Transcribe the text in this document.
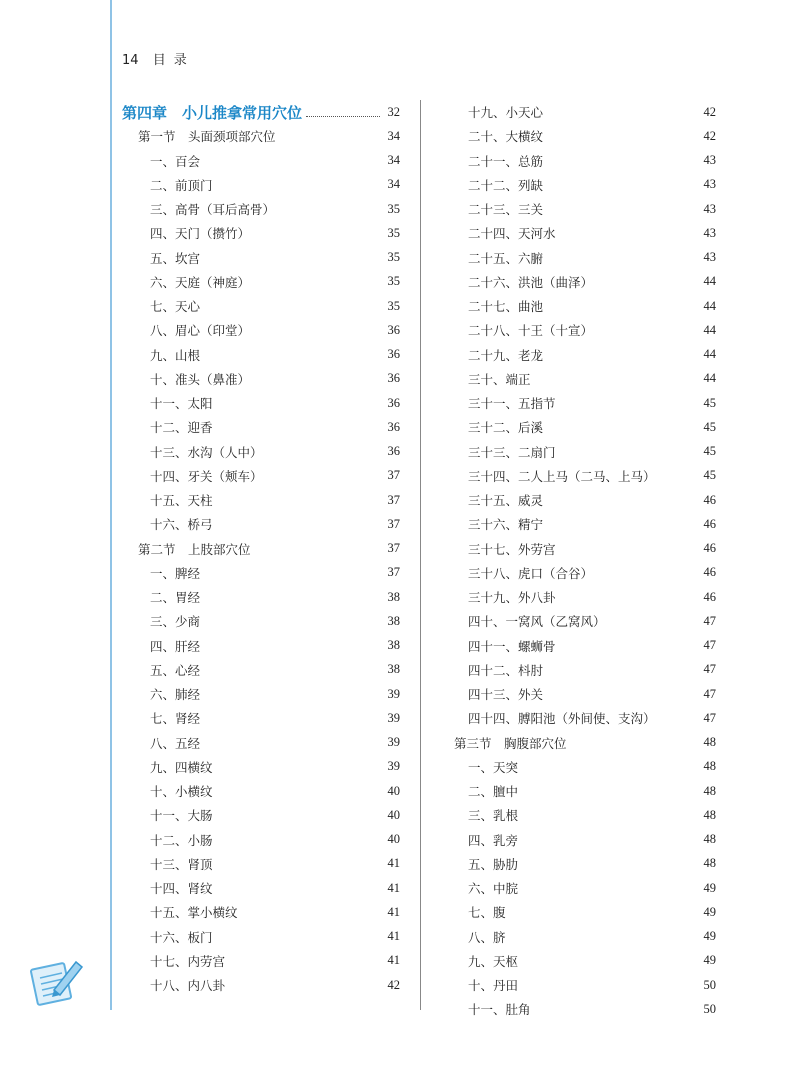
14 目录
第四章　小儿推拿常用穴位	32
第一节　头面颈项部穴位	34
一、百会	34
二、前顶门	34
三、高骨（耳后高骨）	35
四、天门（攒竹）	35
五、坎宫	35
六、天庭（神庭）	35
七、天心	35
八、眉心（印堂）	36
九、山根	36
十、准头（鼻准）	36
十一、太阳	36
十二、迎香	36
十三、水沟（人中）	36
十四、牙关（颊车）	37
十五、天柱	37
十六、桥弓	37
第二节　上肢部穴位	37
一、脾经	37
二、胃经	38
三、少商	38
四、肝经	38
五、心经	38
六、肺经	39
七、肾经	39
八、五经	39
九、四横纹	39
十、小横纹	40
十一、大肠	40
十二、小肠	40
十三、肾顶	41
十四、肾纹	41
十五、掌小横纹	41
十六、板门	41
十七、内劳宫	41
十八、内八卦	42
十九、小天心	42
二十、大横纹	42
二十一、总筋	43
二十二、列缺	43
二十三、三关	43
二十四、天河水	43
二十五、六腑	43
二十六、洪池（曲泽）	44
二十七、曲池	44
二十八、十王（十宣）	44
二十九、老龙	44
三十、端正	44
三十一、五指节	45
三十二、后溪	45
三十三、二扇门	45
三十四、二人上马（二马、上马）	45
三十五、威灵	46
三十六、精宁	46
三十七、外劳宫	46
三十八、虎口（合谷）	46
三十九、外八卦	46
四十、一窝风（乙窝风）	47
四十一、螺蛳骨	47
四十二、枓肘	47
四十三、外关	47
四十四、膊阳池（外间使、支沟）	47
第三节　胸腹部穴位	48
一、天突	48
二、膻中	48
三、乳根	48
四、乳旁	48
五、胁肋	48
六、中脘	49
七、腹	49
八、脐	49
九、天枢	49
十、丹田	50
十一、肚角	50
